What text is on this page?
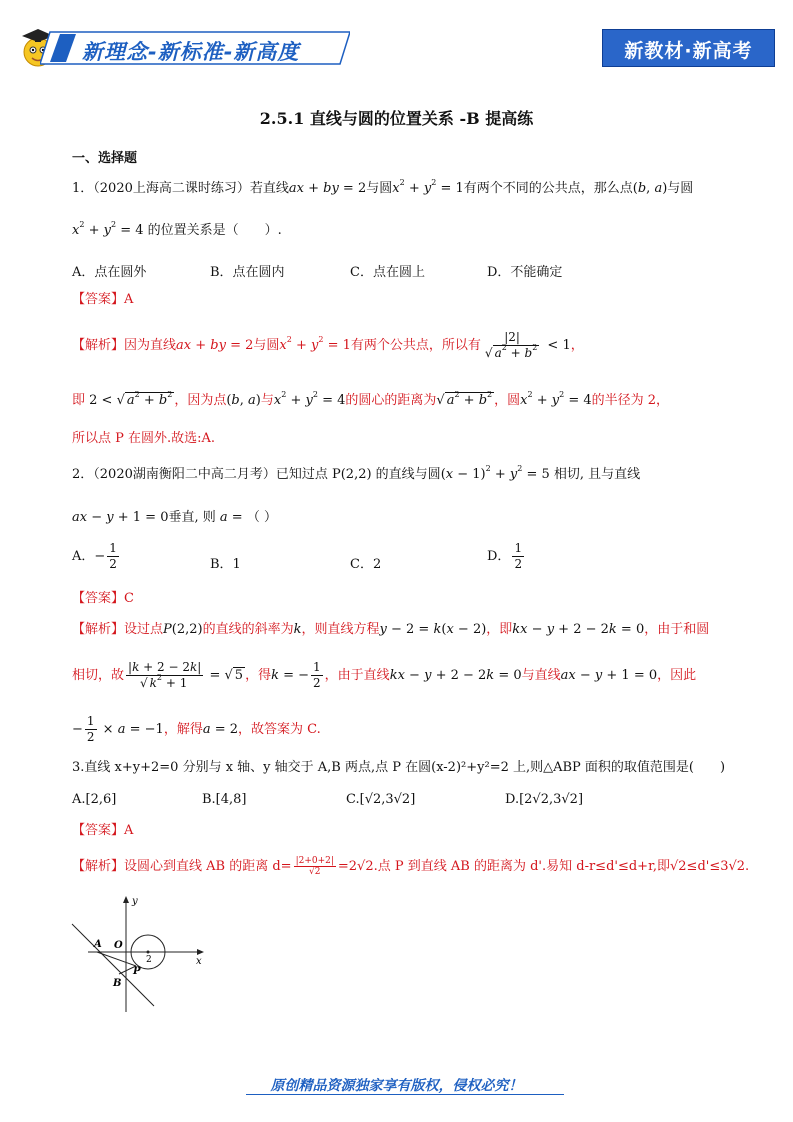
新理念-新标准-新高度	新教材·新高考
2.5.1 直线与圆的位置关系 -B 提高练
一、选择题
1．（2020上海高二课时练习）若直线ax + by = 2与圆$x^2 + y^2 = 1$有两个不同的公共点，那么点(b, a)与圆
$x^2 + y^2 = 4$ 的位置关系是（　　）.
A．点在圆外	B．点在圆内	C．点在圆上	D．不能确定
【答案】A
【解析】因为直线ax + by = 2与圆$x^2 + y^2 = 1$有两个公共点，所以有 |2|
√ $a^2 + b^2 < 1$，
即 2 < √ $a^2 + b^2$ ，因为点(b, a)与$x^2 + y^2 = 4$的圆心的距离为√ $a^2 + b^2$ ，圆$x^2 + y^2 = 4$的半径为 2，
所以点 P 在圆外.故选:A.
2．（2020湖南衡阳二中高二月考）已知过点 P(2,2) 的直线与圆$(x - 1)^2 + y^2 = 5$ 相切, 且与直线
ax − y + 1 = 0垂直, 则 a = （ ）
A．− $\frac{1}{2}$	B．1	C．2
D． $\frac{1}{2}$
【答案】C
【解析】设过点P(2,2)的直线的斜率为k，则直线方程y − 2 = k(x − 2)，即kx − y + 2 − 2k = 0，由于和圆
相切，故 |k + 2 − 2k|
√ $k^2 + 1$ = √ 5 ，得k = − $\frac{1}{2}$ ，由于直线kx − y + 2 − 2k = 0与直线ax − y + 1 = 0，因此
− $\frac{1}{2} \times a = -1$，解得a = 2，故答案为 C.
3.直线 x+y+2=0 分别与 x 轴、y 轴交于 A,B 两点,点 P 在圆(x-2)²+y²=2 上,则△ABP 面积的取值范围是(　　)
A.[2,6]	B.[4,8]	C.[√2,3√2]	D.[2√2,3√2]
【答案】A
【解析】设圆心到直线 AB 的距离 $d= \frac{|2+0+2|}{√2} =2√2$.点 P 到直线 AB 的距离为 d'.易知 d-r≤d'≤d+r,即√2≤d'≤3√2.
y
x
O
A
B
P
2
原创精品资源独家享有版权，侵权必究！
